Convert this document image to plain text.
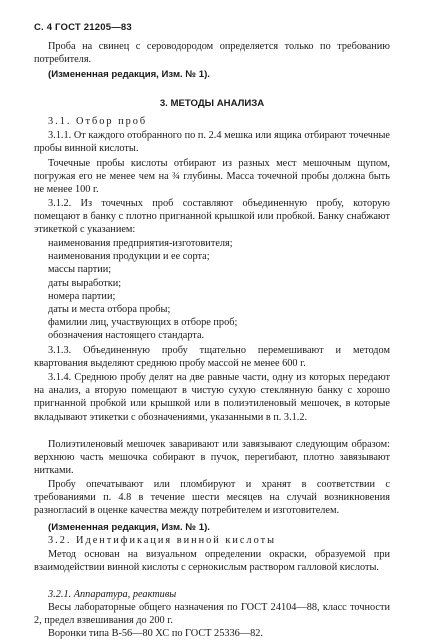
С. 4 ГОСТ 21205—83
Проба на свинец с сероводородом определяется только по требованию потребителя.
(Измененная редакция, Изм. № 1).
3. МЕТОДЫ АНАЛИЗА
3.1. Отбор проб
3.1.1. От каждого отобранного по п. 2.4 мешка или ящика отбирают точечные пробы винной кислоты.
Точечные пробы кислоты отбирают из разных мест мешочным щупом, погружая его не менее чем на ¾ глубины. Масса точечной пробы должна быть не менее 100 г.
3.1.2. Из точечных проб составляют объединенную пробу, которую помещают в банку с плотно пригнанной крышкой или пробкой. Банку снабжают этикеткой с указанием:
наименования предприятия-изготовителя;
наименования продукции и ее сорта;
массы партии;
даты выработки;
номера партии;
даты и места отбора пробы;
фамилии лиц, участвующих в отборе проб;
обозначения настоящего стандарта.
3.1.3. Объединенную пробу тщательно перемешивают и методом квартования выделяют среднюю пробу массой не менее 600 г.
3.1.4. Среднюю пробу делят на две равные части, одну из которых передают на анализ, а вторую помещают в чистую сухую стеклянную банку с хорошо пригнанной пробкой или крышкой или в полиэтиленовый мешочек, в которые вкладывают этикетки с обозначениями, указанными в п. 3.1.2.
Полиэтиленовый мешочек заваривают или завязывают следующим образом: верхнюю часть мешочка собирают в пучок, перегибают, плотно завязывают нитками.
Пробу опечатывают или пломбируют и хранят в соответствии с требованиями п. 4.8 в течение шести месяцев на случай возникновения разногласий в оценке качества между потребителем и изготовителем.
(Измененная редакция, Изм. № 1).
3.2. Идентификация винной кислоты
Метод основан на визуальном определении окраски, образуемой при взаимодействии винной кислоты с сернокислым раствором галловой кислоты.
3.2.1. Аппаратура, реактивы
Весы лабораторные общего назначения по ГОСТ 24104—88, класс точности 2, предел взвешивания до 200 г.
Воронки типа В-56—80 ХС по ГОСТ 25336—82.
